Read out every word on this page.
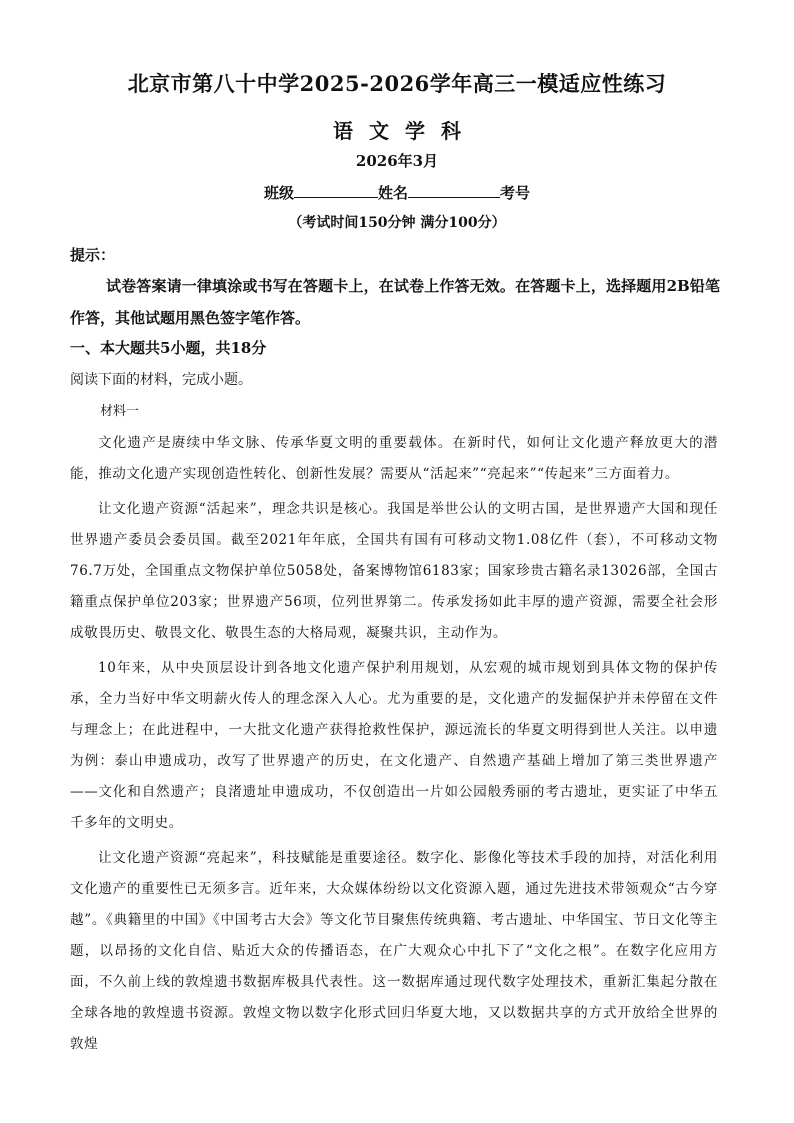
北京市第八十中学2025-2026学年高三一模适应性练习
语文学科
2026年3月
班级	姓名	考号
（考试时间150分钟 满分100分）
提示：
试卷答案请一律填涂或书写在答题卡上，在试卷上作答无效。在答题卡上，选择题用2B铅笔作答，其他试题用黑色签字笔作答。
一、本大题共5小题，共18分
阅读下面的材料，完成小题。
材料一

文化遗产是赓续中华文脉、传承华夏文明的重要载体。在新时代，如何让文化遗产释放更大的潜能，推动文化遗产实现创造性转化、创新性发展？需要从“活起来”“亮起来”“传起来”三方面着力。

让文化遗产资源“活起来”，理念共识是核心。我国是举世公认的文明古国，是世界遗产大国和现任世界遗产委员会委员国。截至2021年年底，全国共有国有可移动文物1.08亿件（套），不可移动文物76.7万处，全国重点文物保护单位5058处，备案博物馆6183家；国家珍贵古籍名录13026部，全国古籍重点保护单位203家；世界遗产56项，位列世界第二。传承发扬如此丰厚的遗产资源，需要全社会形成敬畏历史、敬畏文化、敬畏生态的大格局观，凝聚共识，主动作为。

10年来，从中央顶层设计到各地文化遗产保护利用规划，从宏观的城市规划到具体文物的保护传承，全力当好中华文明薪火传人的理念深入人心。尤为重要的是，文化遗产的发掘保护并未停留在文件与理念上；在此进程中，一大批文化遗产获得抢救性保护，源远流长的华夏文明得到世人关注。以申遗为例：泰山申遗成功，改写了世界遗产的历史，在文化遗产、自然遗产基础上增加了第三类世界遗产——文化和自然遗产；良渚遗址申遗成功，不仅创造出一片如公园般秀丽的考古遗址，更实证了中华五千多年的文明史。

让文化遗产资源“亮起来”，科技赋能是重要途径。数字化、影像化等技术手段的加持，对活化利用文化遗产的重要性已无须多言。近年来，大众媒体纷纷以文化资源入题，通过先进技术带领观众“古今穿越”。《典籍里的中国》《中国考古大会》等文化节目聚焦传统典籍、考古遗址、中华国宝、节日文化等主题，以昂扬的文化自信、贴近大众的传播语态，在广大观众心中扎下了“文化之根”。在数字化应用方面，不久前上线的敦煌遗书数据库极具代表性。这一数据库通过现代数字处理技术，重新汇集起分散在全球各地的敦煌遗书资源。敦煌文物以数字化形式回归华夏大地，又以数据共享的方式开放给全世界的敦煌
